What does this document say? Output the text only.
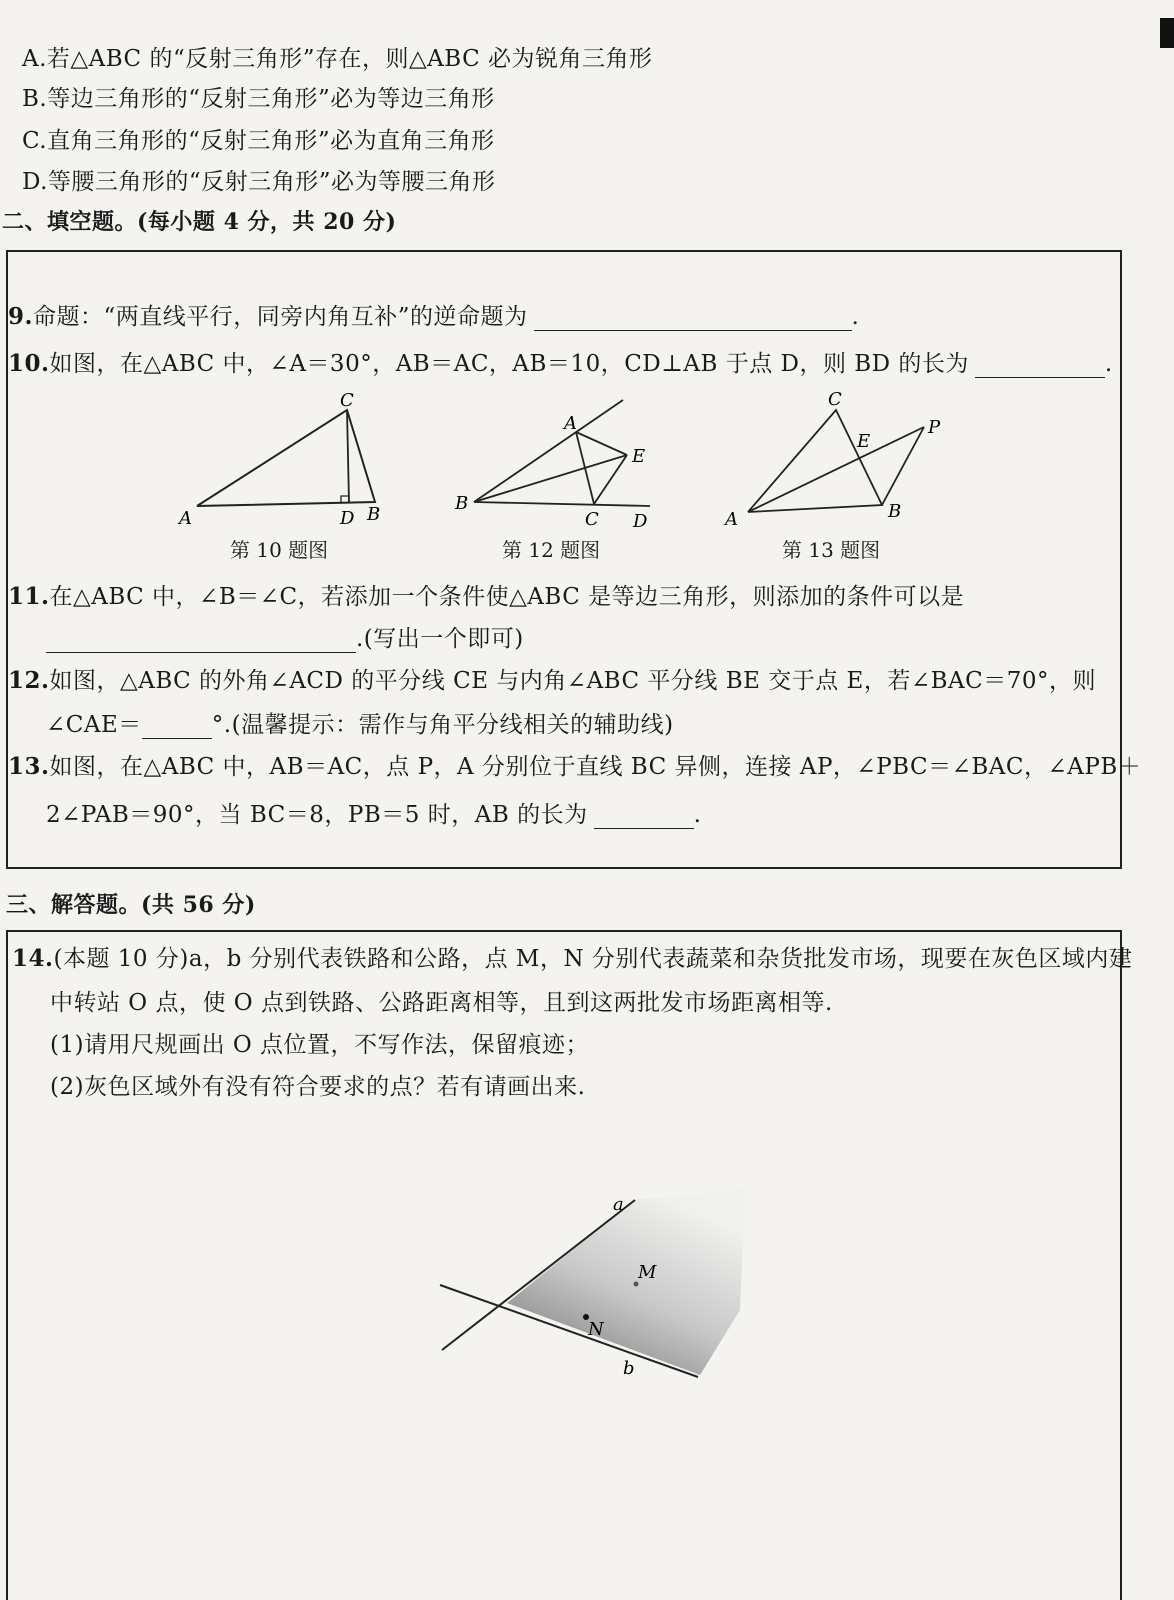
A.若△ABC 的“反射三角形”存在，则△ABC 必为锐角三角形
B.等边三角形的“反射三角形”必为等边三角形
C.直角三角形的“反射三角形”必为直角三角形
D.等腰三角形的“反射三角形”必为等腰三角形
二、填空题。(每小题 4 分，共 20 分)
9.命题：“两直线平行，同旁内角互补”的逆命题为	.
10.如图，在△ABC 中，∠A＝30°，AB＝AC，AB＝10，CD⊥AB 于点 D，则 BD 的长为	.
A
C
D B
第 10 题图
A
E
B
C D
第 12 题图
C
E
P
A	B
第 13 题图
11.在△ABC 中，∠B＝∠C，若添加一个条件使△ABC 是等边三角形，则添加的条件可以是
.(写出一个即可)
12.如图，△ABC 的外角∠ACD 的平分线 CE 与内角∠ABC 平分线 BE 交于点 E，若∠BAC＝70°，则
∠CAE＝	°.(温馨提示：需作与角平分线相关的辅助线)
13.如图，在△ABC 中，AB＝AC，点 P，A 分别位于直线 BC 异侧，连接 AP，∠PBC＝∠BAC，∠APB＋
2∠PAB＝90°，当 BC＝8，PB＝5 时，AB 的长为	.
三、解答题。(共 56 分)
14.(本题 10 分)a，b 分别代表铁路和公路，点 M，N 分别代表蔬菜和杂货批发市场，现要在灰色区域内建
中转站 O 点，使 O 点到铁路、公路距离相等，且到这两批发市场距离相等.
(1)请用尺规画出 O 点位置，不写作法，保留痕迹；
(2)灰色区域外有没有符合要求的点？若有请画出来.
a
M
N
b
